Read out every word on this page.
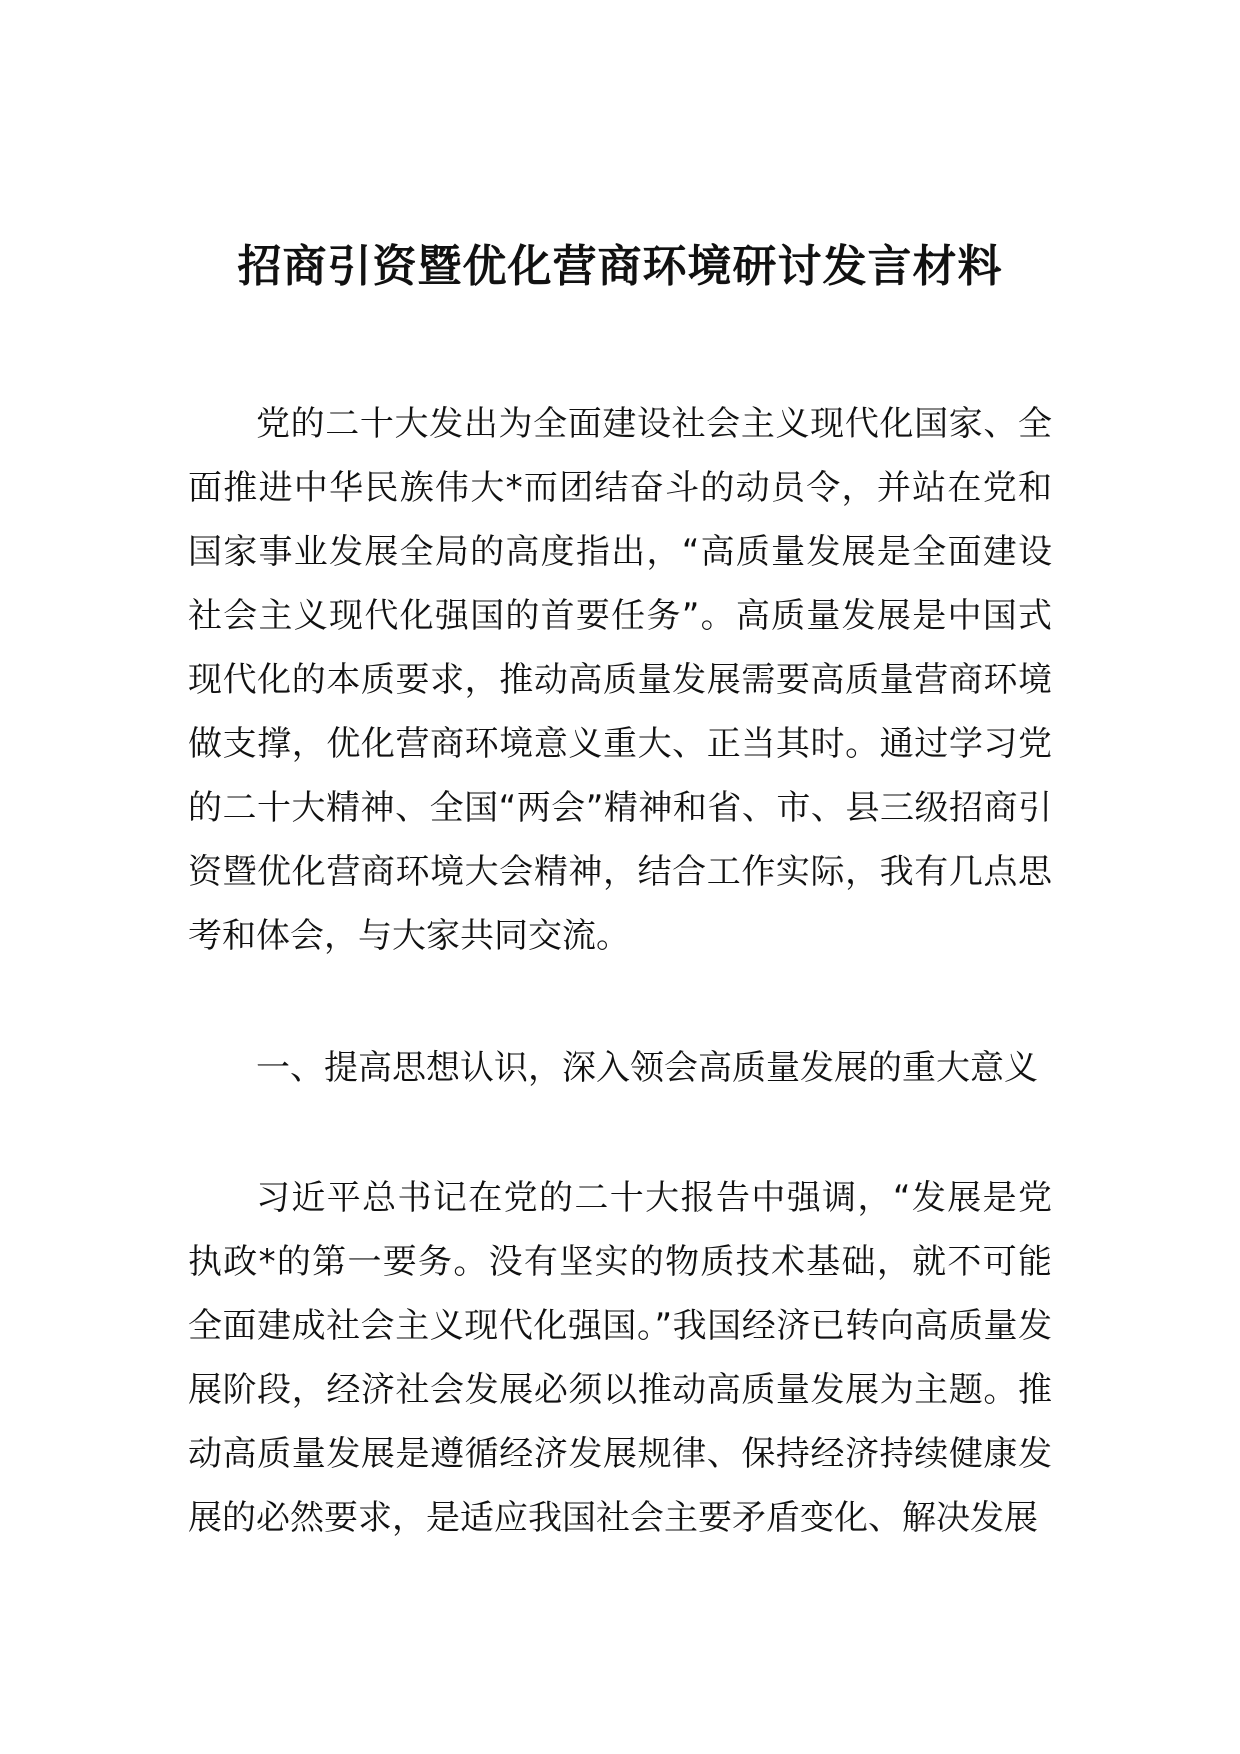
招商引资暨优化营商环境研讨发言材料

党的二十大发出为全面建设社会主义现代化国家、全面推进中华民族伟大*而团结奋斗的动员令，并站在党和国家事业发展全局的高度指出，“高质量发展是全面建设社会主义现代化强国的首要任务”。高质量发展是中国式现代化的本质要求，推动高质量发展需要高质量营商环境做支撑，优化营商环境意义重大、正当其时。通过学习党的二十大精神、全国“两会”精神和省、市、县三级招商引资暨优化营商环境大会精神，结合工作实际，我有几点思考和体会，与大家共同交流。

一、提高思想认识，深入领会高质量发展的重大意义

习近平总书记在党的二十大报告中强调，“发展是党执政*的第一要务。没有坚实的物质技术基础，就不可能全面建成社会主义现代化强国。”我国经济已转向高质量发展阶段，经济社会发展必须以推动高质量发展为主题。推动高质量发展是遵循经济发展规律、保持经济持续健康发展的必然要求，是适应我国社会主要矛盾变化、解决发展
